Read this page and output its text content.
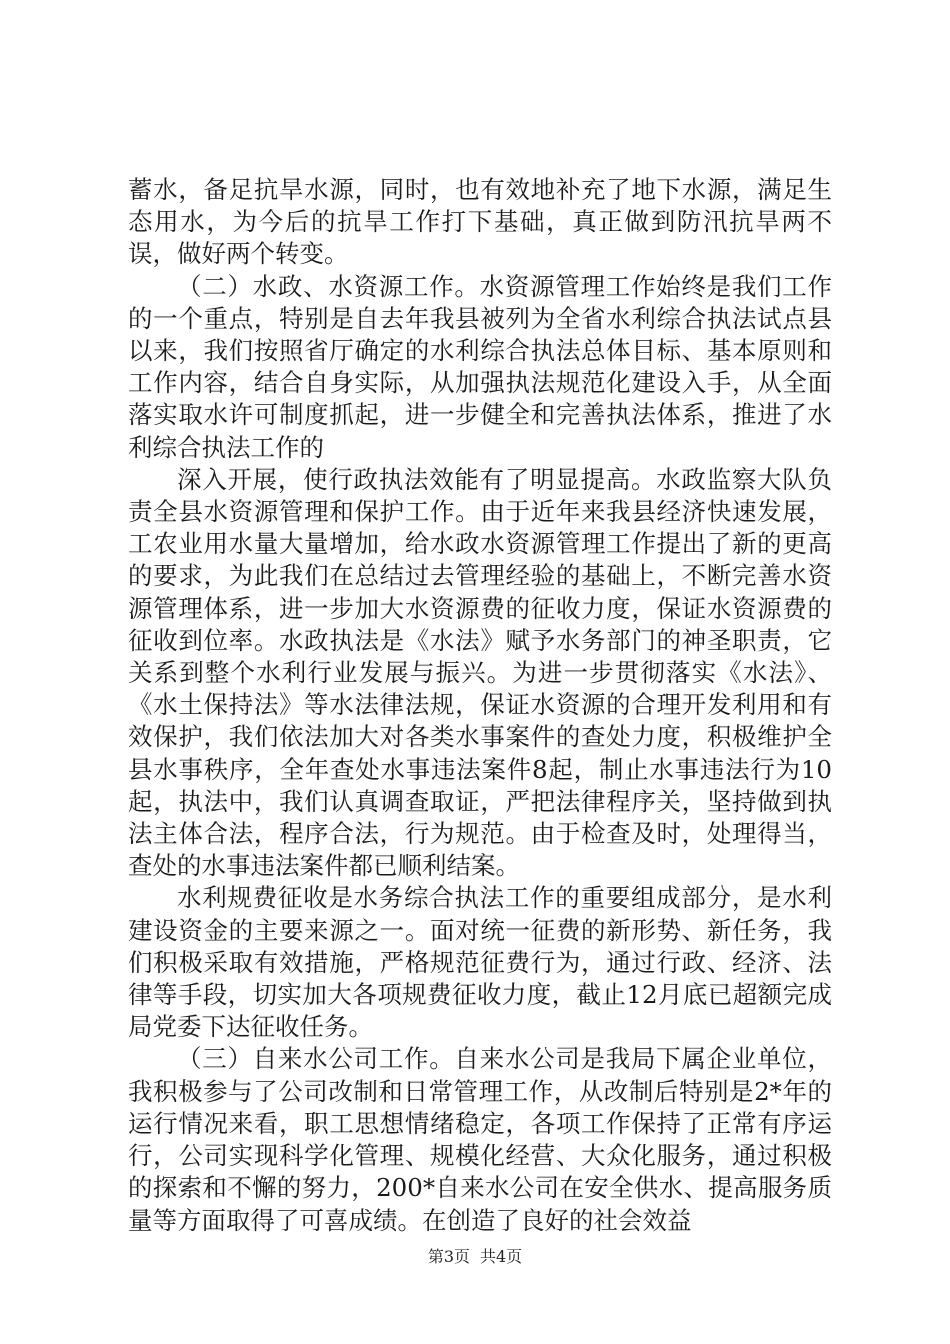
蓄水，备足抗旱水源，同时，也有效地补充了地下水源，满足生态用水，为今后的抗旱工作打下基础，真正做到防汛抗旱两不误，做好两个转变。

（二）水政、水资源工作。水资源管理工作始终是我们工作的一个重点，特别是自去年我县被列为全省水利综合执法试点县以来，我们按照省厅确定的水利综合执法总体目标、基本原则和工作内容，结合自身实际，从加强执法规范化建设入手，从全面落实取水许可制度抓起，进一步健全和完善执法体系，推进了水利综合执法工作的

深入开展，使行政执法效能有了明显提高。水政监察大队负责全县水资源管理和保护工作。由于近年来我县经济快速发展，工农业用水量大量增加，给水政水资源管理工作提出了新的更高的要求，为此我们在总结过去管理经验的基础上，不断完善水资源管理体系，进一步加大水资源费的征收力度，保证水资源费的征收到位率。水政执法是《水法》赋予水务部门的神圣职责，它关系到整个水利行业发展与振兴。为进一步贯彻落实《水法》、《水土保持法》等水法律法规，保证水资源的合理开发利用和有效保护，我们依法加大对各类水事案件的查处力度，积极维护全县水事秩序，全年查处水事违法案件8起，制止水事违法行为10起，执法中，我们认真调查取证，严把法律程序关，坚持做到执法主体合法，程序合法，行为规范。由于检查及时，处理得当，查处的水事违法案件都已顺利结案。

水利规费征收是水务综合执法工作的重要组成部分，是水利建设资金的主要来源之一。面对统一征费的新形势、新任务，我们积极采取有效措施，严格规范征费行为，通过行政、经济、法律等手段，切实加大各项规费征收力度，截止12月底已超额完成局党委下达征收任务。

（三）自来水公司工作。自来水公司是我局下属企业单位，我积极参与了公司改制和日常管理工作，从改制后特别是2*年的运行情况来看，职工思想情绪稳定，各项工作保持了正常有序运行，公司实现科学化管理、规模化经营、大众化服务，通过积极的探索和不懈的努力，200*自来水公司在安全供水、提高服务质量等方面取得了可喜成绩。在创造了良好的社会效益

第3页 共4页
